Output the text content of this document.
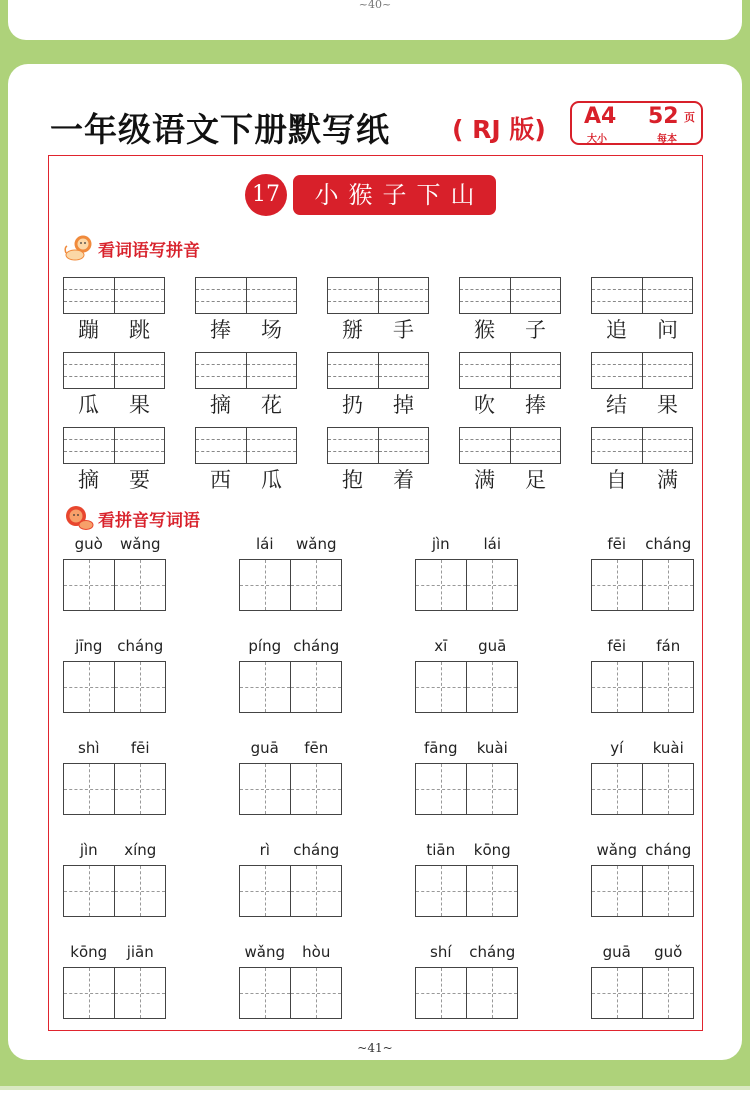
~40~
一年级语文下册默写纸 ( RJ 版) A4
大小
52 页
每本
17	小猴子下山
看词语写拼音
蹦	跳	捧	场	掰	手	猴	子	追	问
瓜	果	摘	花	扔	掉	吹	捧	结	果
摘	要	西	瓜	抱	着	满	足	自	满
看拼音写词语
guò	wǎng	lái	wǎng	jìn	lái	fēi	cháng
jīng cháng	píng cháng	xī	guā	fēi	fán
shì	fēi	guā	fēn	fāng	kuài	yí	kuài
jìn	xíng	rì	cháng	tiān	kōng	wǎng cháng
kōng	jiān	wǎng	hòu	shí	cháng	guā	guǒ
~41~
